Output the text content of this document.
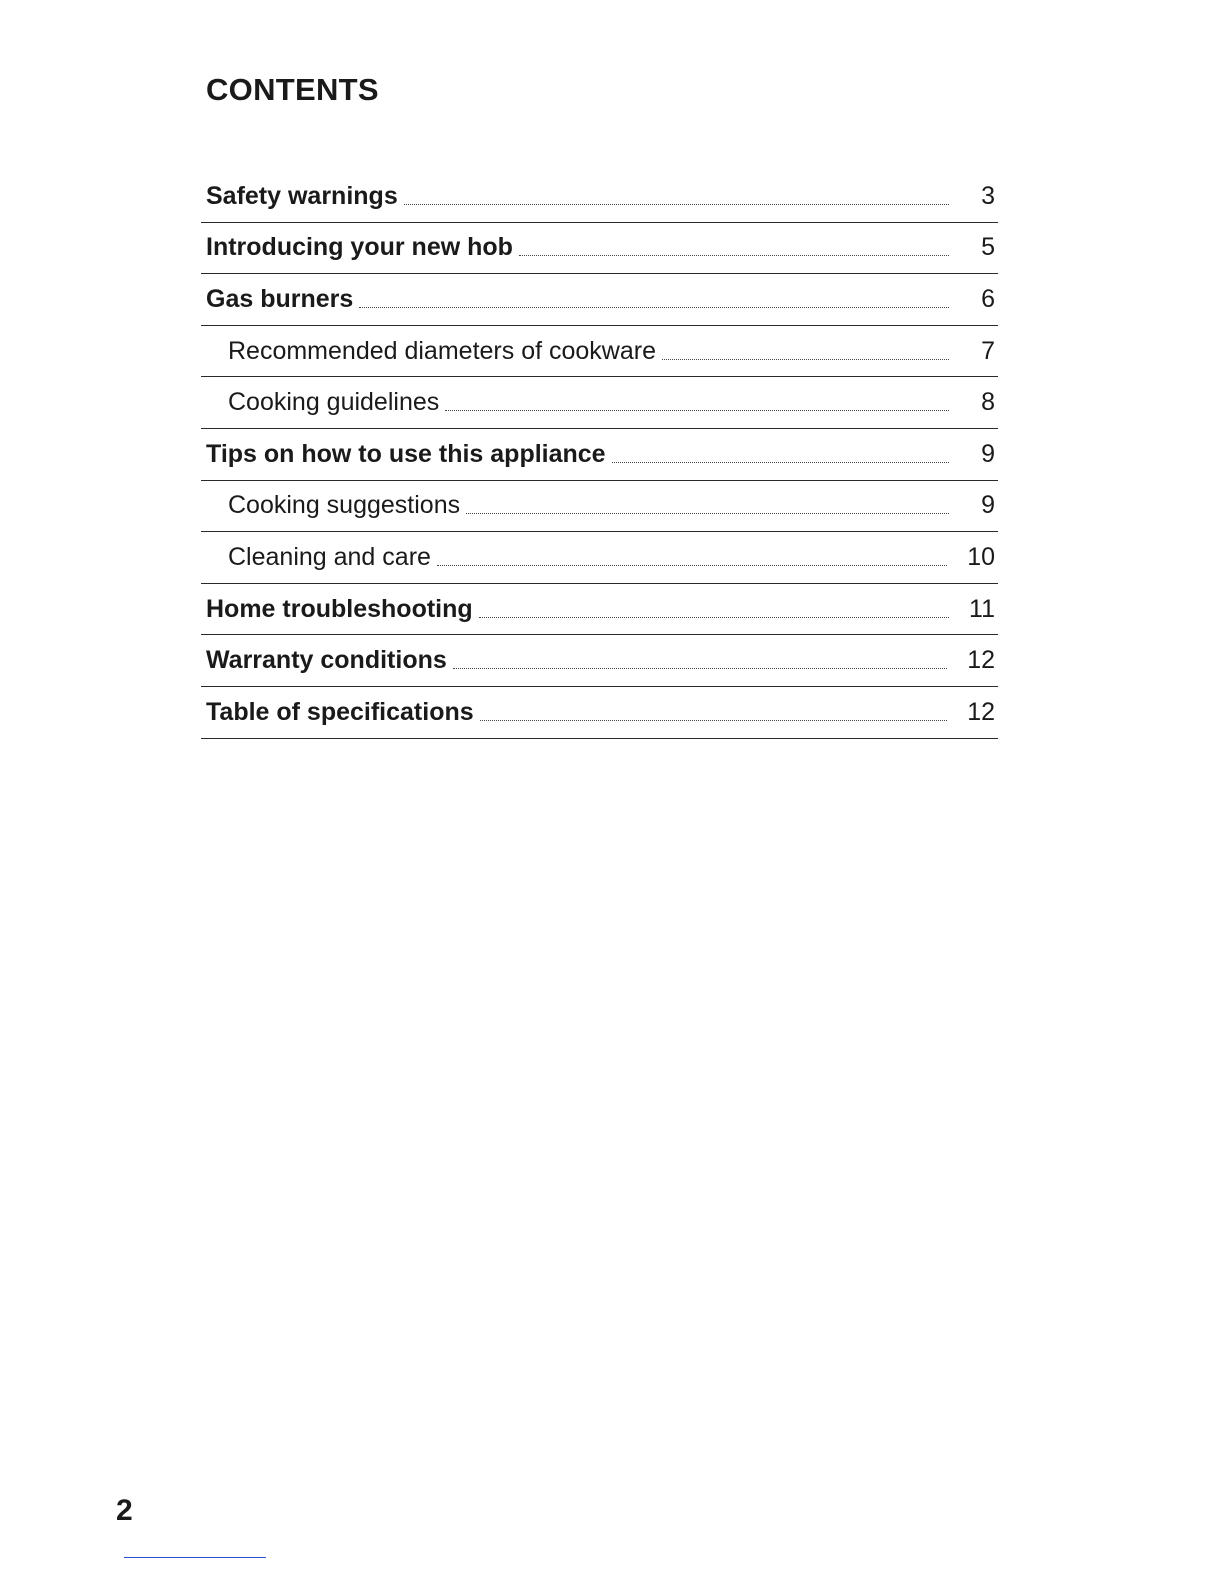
CONTENTS
Safety warnings	3
Introducing your new hob	5
Gas burners	6
Recommended diameters of cookware	7
Cooking guidelines	8
Tips on how to use this appliance	9
Cooking suggestions	9
Cleaning and care	10
Home troubleshooting	11
Warranty conditions	12
Table of specifications	12

2
